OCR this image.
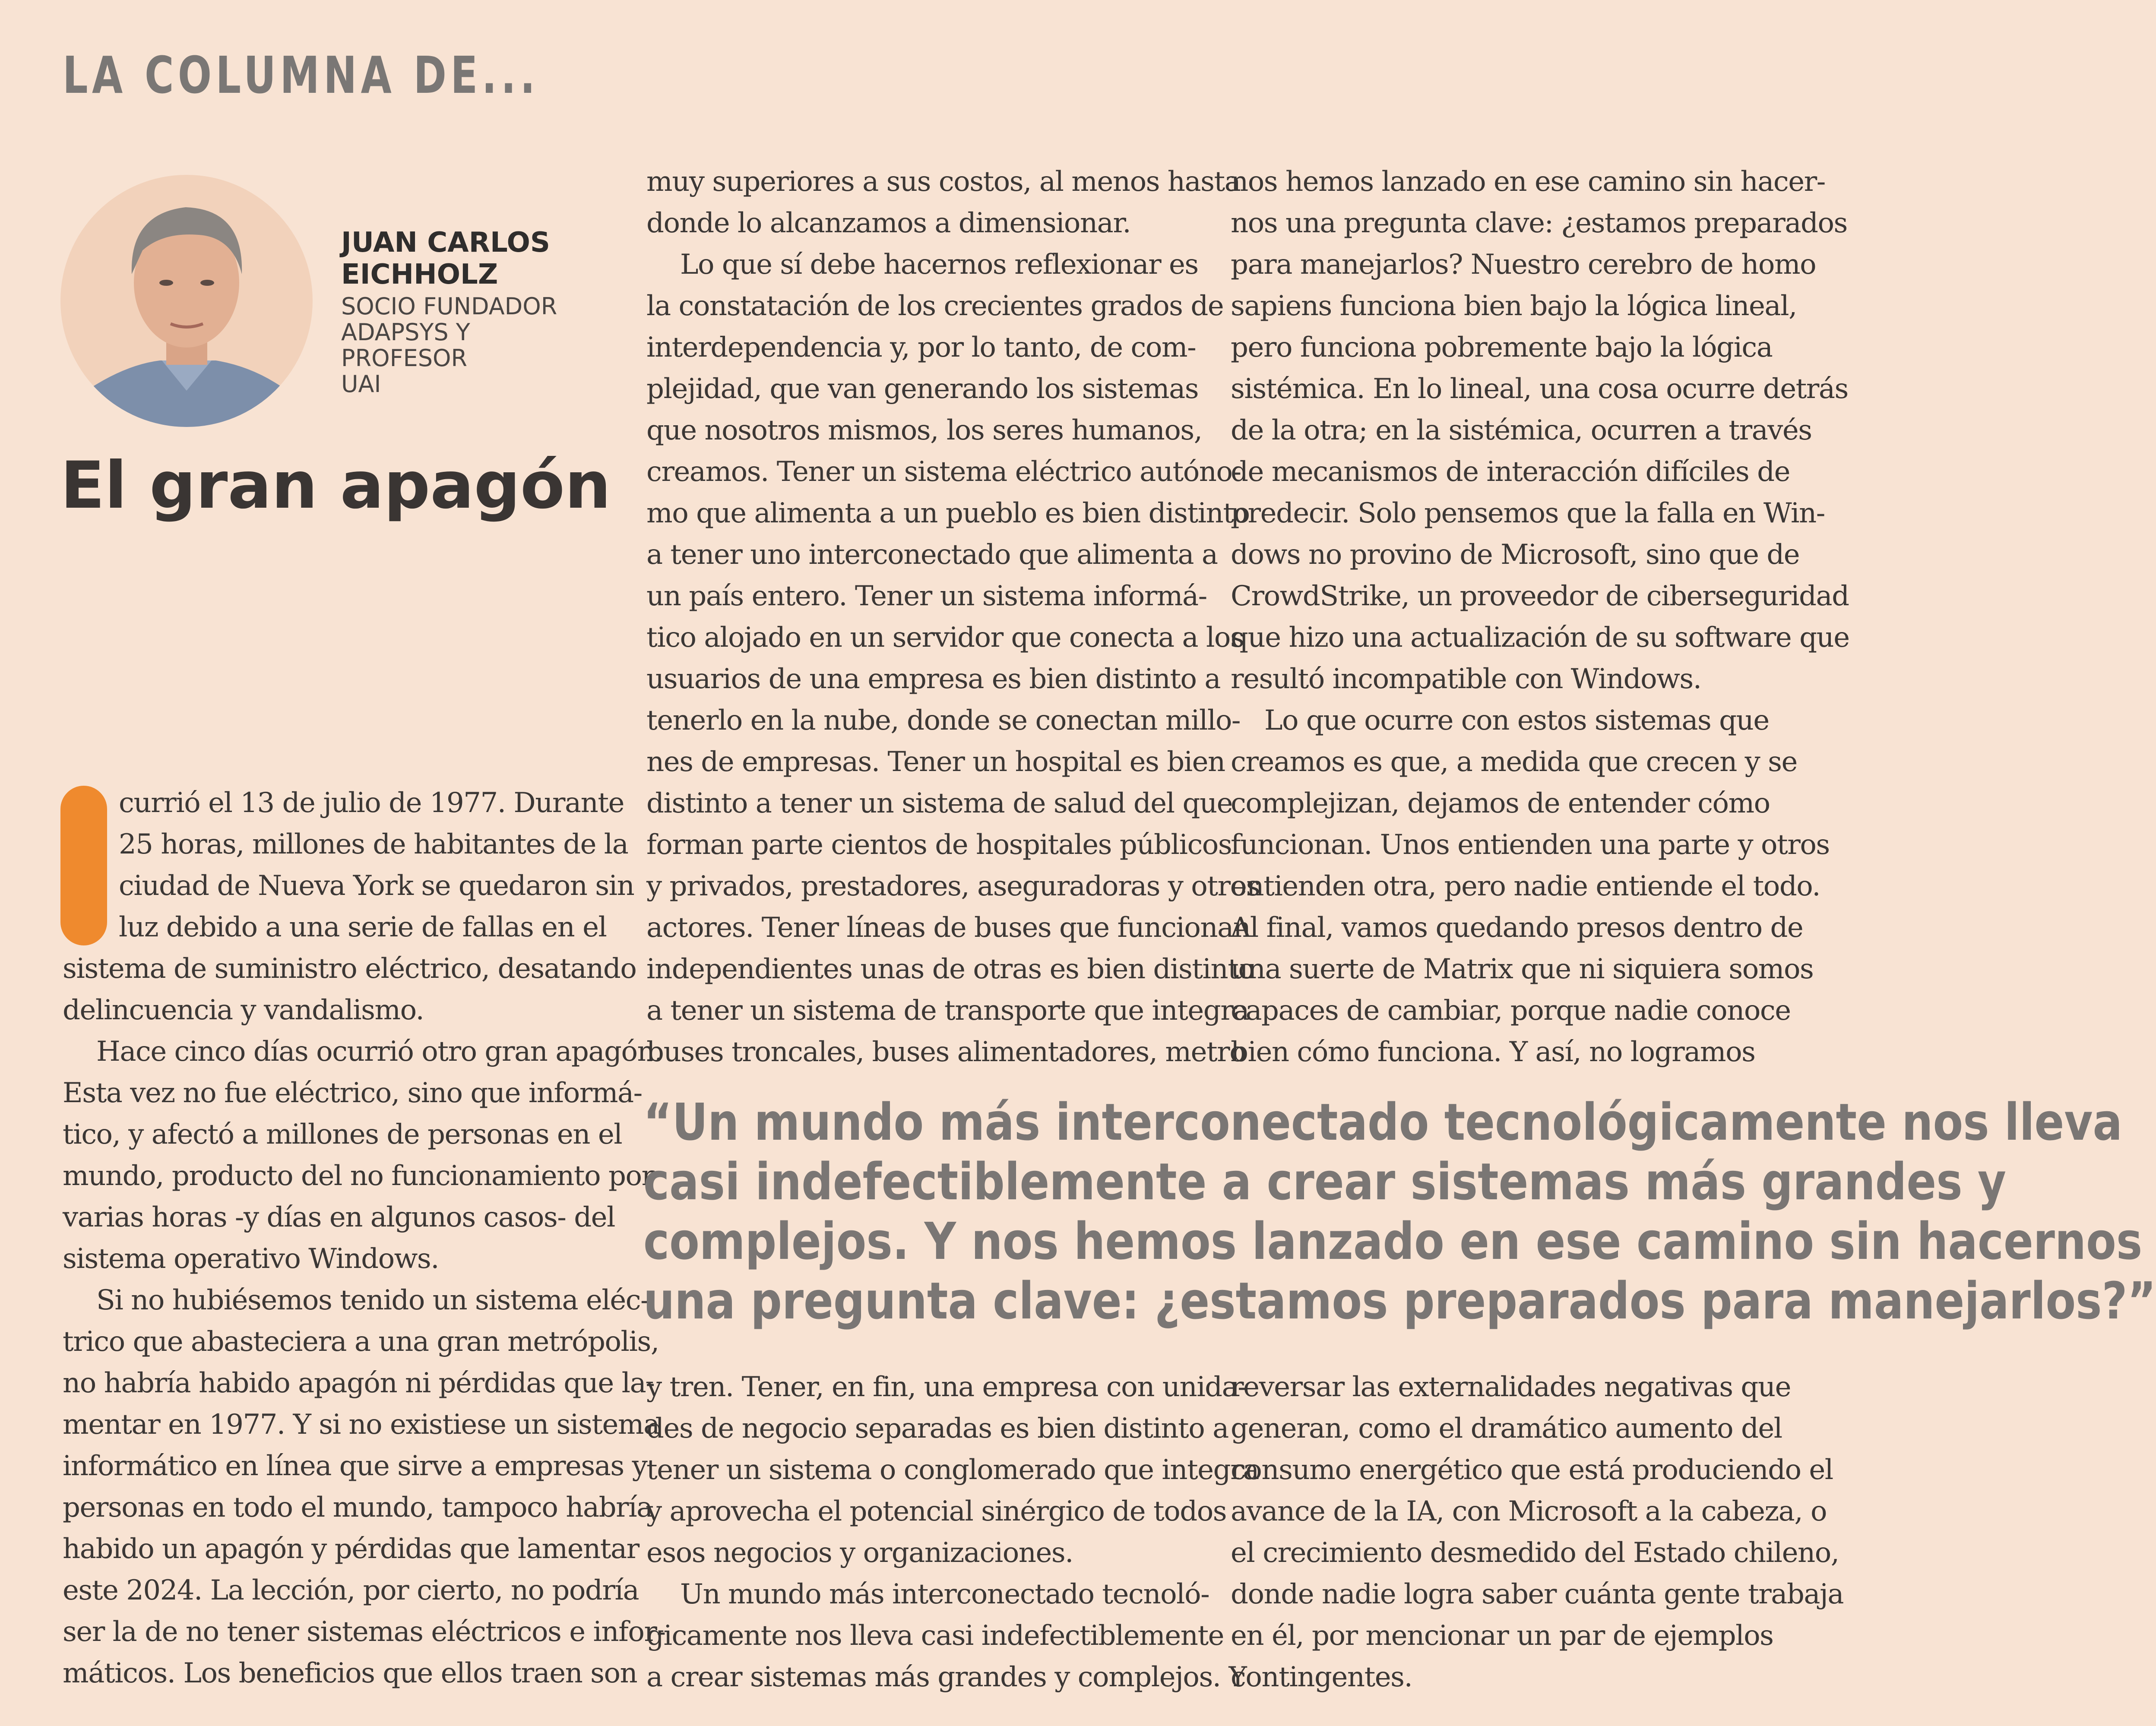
LA COLUMNA DE...

JUAN CARLOS
EICHHOLZ

SOCIO FUNDADOR
ADAPSYS Y PROFESOR
UAI

El gran apagón
currió el 13 de julio de 1977. Durante
25 horas, millones de habitantes de la
ciudad de Nueva York se quedaron sin
luz debido a una serie de fallas en el
sistema de suministro eléctrico, desatando
delincuencia y vandalismo.
Hace cinco días ocurrió otro gran apagón.
Esta vez no fue eléctrico, sino que informá-
tico, y afectó a millones de personas en el
mundo, producto del no funcionamiento por
varias horas -y días en algunos casos- del
sistema operativo Windows.
Si no hubiésemos tenido un sistema eléc-
trico que abasteciera a una gran metrópolis,
no habría habido apagón ni pérdidas que la-
mentar en 1977. Y si no existiese un sistema
informático en línea que sirve a empresas y
personas en todo el mundo, tampoco habría
habido un apagón y pérdidas que lamentar
este 2024. La lección, por cierto, no podría
ser la de no tener sistemas eléctricos e infor-
máticos. Los beneficios que ellos traen son
muy superiores a sus costos, al menos hasta
donde lo alcanzamos a dimensionar.
Lo que sí debe hacernos reflexionar es
la constatación de los crecientes grados de
interdependencia y, por lo tanto, de com-
plejidad, que van generando los sistemas
que nosotros mismos, los seres humanos,
creamos. Tener un sistema eléctrico autóno-
mo que alimenta a un pueblo es bien distinto
a tener uno interconectado que alimenta a
un país entero. Tener un sistema informá-
tico alojado en un servidor que conecta a los
usuarios de una empresa es bien distinto a
tenerlo en la nube, donde se conectan millo-
nes de empresas. Tener un hospital es bien
distinto a tener un sistema de salud del que
forman parte cientos de hospitales públicos
y privados, prestadores, aseguradoras y otros
actores. Tener líneas de buses que funcionan
independientes unas de otras es bien distinto
a tener un sistema de transporte que integra
buses troncales, buses alimentadores, metro
nos hemos lanzado en ese camino sin hacer-
nos una pregunta clave: ¿estamos preparados
para manejarlos? Nuestro cerebro de homo
sapiens funciona bien bajo la lógica lineal,
pero funciona pobremente bajo la lógica
sistémica. En lo lineal, una cosa ocurre detrás
de la otra; en la sistémica, ocurren a través
de mecanismos de interacción difíciles de
predecir. Solo pensemos que la falla en Win-
dows no provino de Microsoft, sino que de
CrowdStrike, un proveedor de ciberseguridad
que hizo una actualización de su software que
resultó incompatible con Windows.
Lo que ocurre con estos sistemas que
creamos es que, a medida que crecen y se
complejizan, dejamos de entender cómo
funcionan. Unos entienden una parte y otros
entienden otra, pero nadie entiende el todo.
Al final, vamos quedando presos dentro de
una suerte de Matrix que ni siquiera somos
capaces de cambiar, porque nadie conoce
bien cómo funciona. Y así, no logramos
“Un mundo más interconectado tecnológicamente nos lleva
casi indefectiblemente a crear sistemas más grandes y
complejos. Y nos hemos lanzado en ese camino sin hacernos
una pregunta clave: ¿estamos preparados para manejarlos?”
y tren. Tener, en fin, una empresa con unida-
des de negocio separadas es bien distinto a
tener un sistema o conglomerado que integra
y aprovecha el potencial sinérgico de todos
esos negocios y organizaciones.
Un mundo más interconectado tecnoló-
gicamente nos lleva casi indefectiblemente
a crear sistemas más grandes y complejos. Y
reversar las externalidades negativas que
generan, como el dramático aumento del
consumo energético que está produciendo el
avance de la IA, con Microsoft a la cabeza, o
el crecimiento desmedido del Estado chileno,
donde nadie logra saber cuánta gente trabaja
en él, por mencionar un par de ejemplos
contingentes.
